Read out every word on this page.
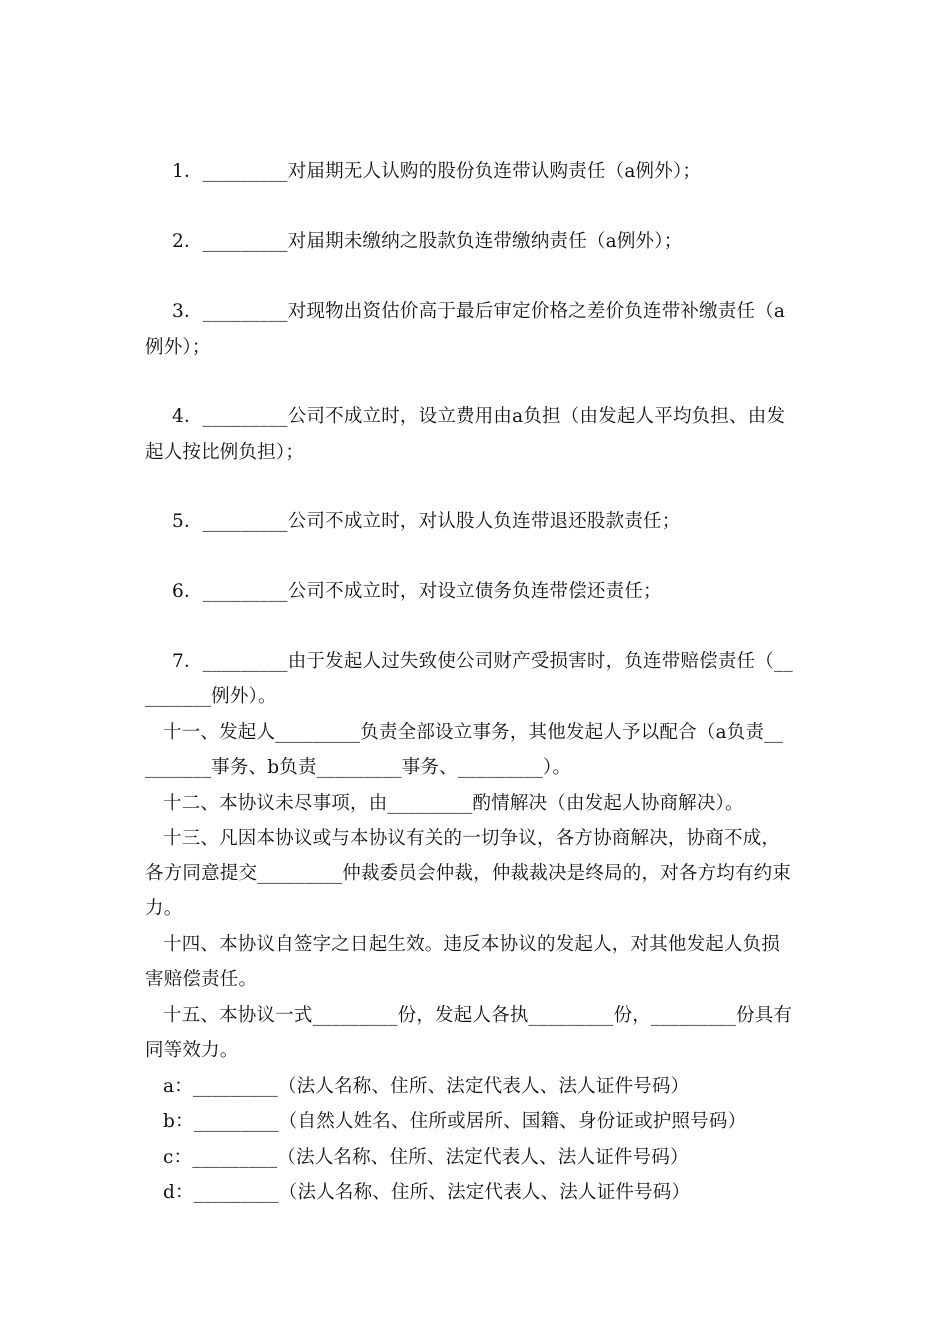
1．_________对届期无人认购的股份负连带认购责任（a例外）；
2．_________对届期未缴纳之股款负连带缴纳责任（a例外）；
3．_________对现物出资估价高于最后审定价格之差价负连带补缴责任（a
例外）；
4．_________公司不成立时，设立费用由a负担（由发起人平均负担、由发
起人按比例负担）；
5．_________公司不成立时，对认股人负连带退还股款责任；
6．_________公司不成立时，对设立债务负连带偿还责任；
7．_________由于发起人过失致使公司财产受损害时，负连带赔偿责任（__
_______例外）。
十一、发起人_________负责全部设立事务，其他发起人予以配合（a负责__
_______事务、b负责_________事务、_________）。
十二、本协议未尽事项，由_________酌情解决（由发起人协商解决）。
十三、凡因本协议或与本协议有关的一切争议，各方协商解决，协商不成，
各方同意提交_________仲裁委员会仲裁，仲裁裁决是终局的，对各方均有约束
力。
十四、本协议自签字之日起生效。违反本协议的发起人，对其他发起人负损
害赔偿责任。
十五、本协议一式_________份，发起人各执_________份，_________份具有
同等效力。
a：_________（法人名称、住所、法定代表人、法人证件号码）
b：_________（自然人姓名、住所或居所、国籍、身份证或护照号码）
c：_________（法人名称、住所、法定代表人、法人证件号码）
d：_________（法人名称、住所、法定代表人、法人证件号码）
